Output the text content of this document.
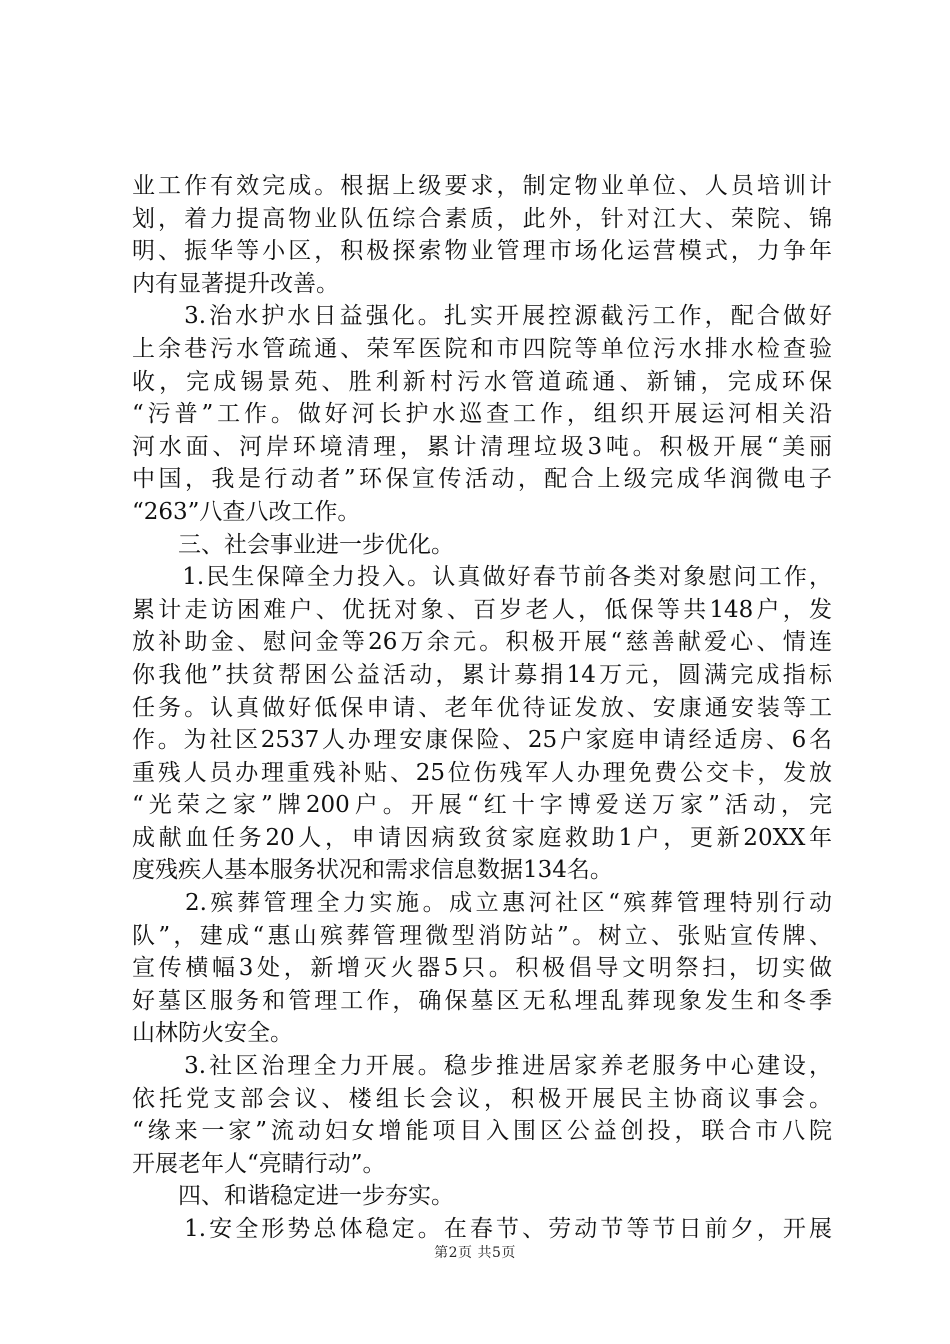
业工作有效完成。根据上级要求，制定物业单位、人员培训计
划，着力提高物业队伍综合素质，此外，针对江大、荣院、锦
明、振华等小区，积极探索物业管理市场化运营模式，力争年
内有显著提升改善。
　　3.治水护水日益强化。扎实开展控源截污工作，配合做好
上余巷污水管疏通、荣军医院和市四院等单位污水排水检查验
收，完成锡景苑、胜利新村污水管道疏通、新铺，完成环保
“污普”工作。做好河长护水巡查工作，组织开展运河相关沿
河水面、河岸环境清理，累计清理垃圾3吨。积极开展“美丽
中国，我是行动者”环保宣传活动，配合上级完成华润微电子
“263”八查八改工作。
　　三、社会事业进一步优化。
　　1.民生保障全力投入。认真做好春节前各类对象慰问工作，
累计走访困难户、优抚对象、百岁老人，低保等共148户，发
放补助金、慰问金等26万余元。积极开展“慈善献爱心、情连
你我他”扶贫帮困公益活动，累计募捐14万元，圆满完成指标
任务。认真做好低保申请、老年优待证发放、安康通安装等工
作。为社区2537人办理安康保险、25户家庭申请经适房、6名
重残人员办理重残补贴、25位伤残军人办理免费公交卡，发放
“光荣之家”牌200户。开展“红十字博爱送万家”活动，完
成献血任务20人，申请因病致贫家庭救助1户，更新20XX年
度残疾人基本服务状况和需求信息数据134名。
　　2.殡葬管理全力实施。成立惠河社区“殡葬管理特别行动
队”，建成“惠山殡葬管理微型消防站”。树立、张贴宣传牌、
宣传横幅3处，新增灭火器5只。积极倡导文明祭扫，切实做
好墓区服务和管理工作，确保墓区无私埋乱葬现象发生和冬季
山林防火安全。
　　3.社区治理全力开展。稳步推进居家养老服务中心建设，
依托党支部会议、楼组长会议，积极开展民主协商议事会。
“缘来一家”流动妇女增能项目入围区公益创投，联合市八院
开展老年人“亮睛行动”。
　　四、和谐稳定进一步夯实。
　　1.安全形势总体稳定。在春节、劳动节等节日前夕，开展
第2页 共5页
